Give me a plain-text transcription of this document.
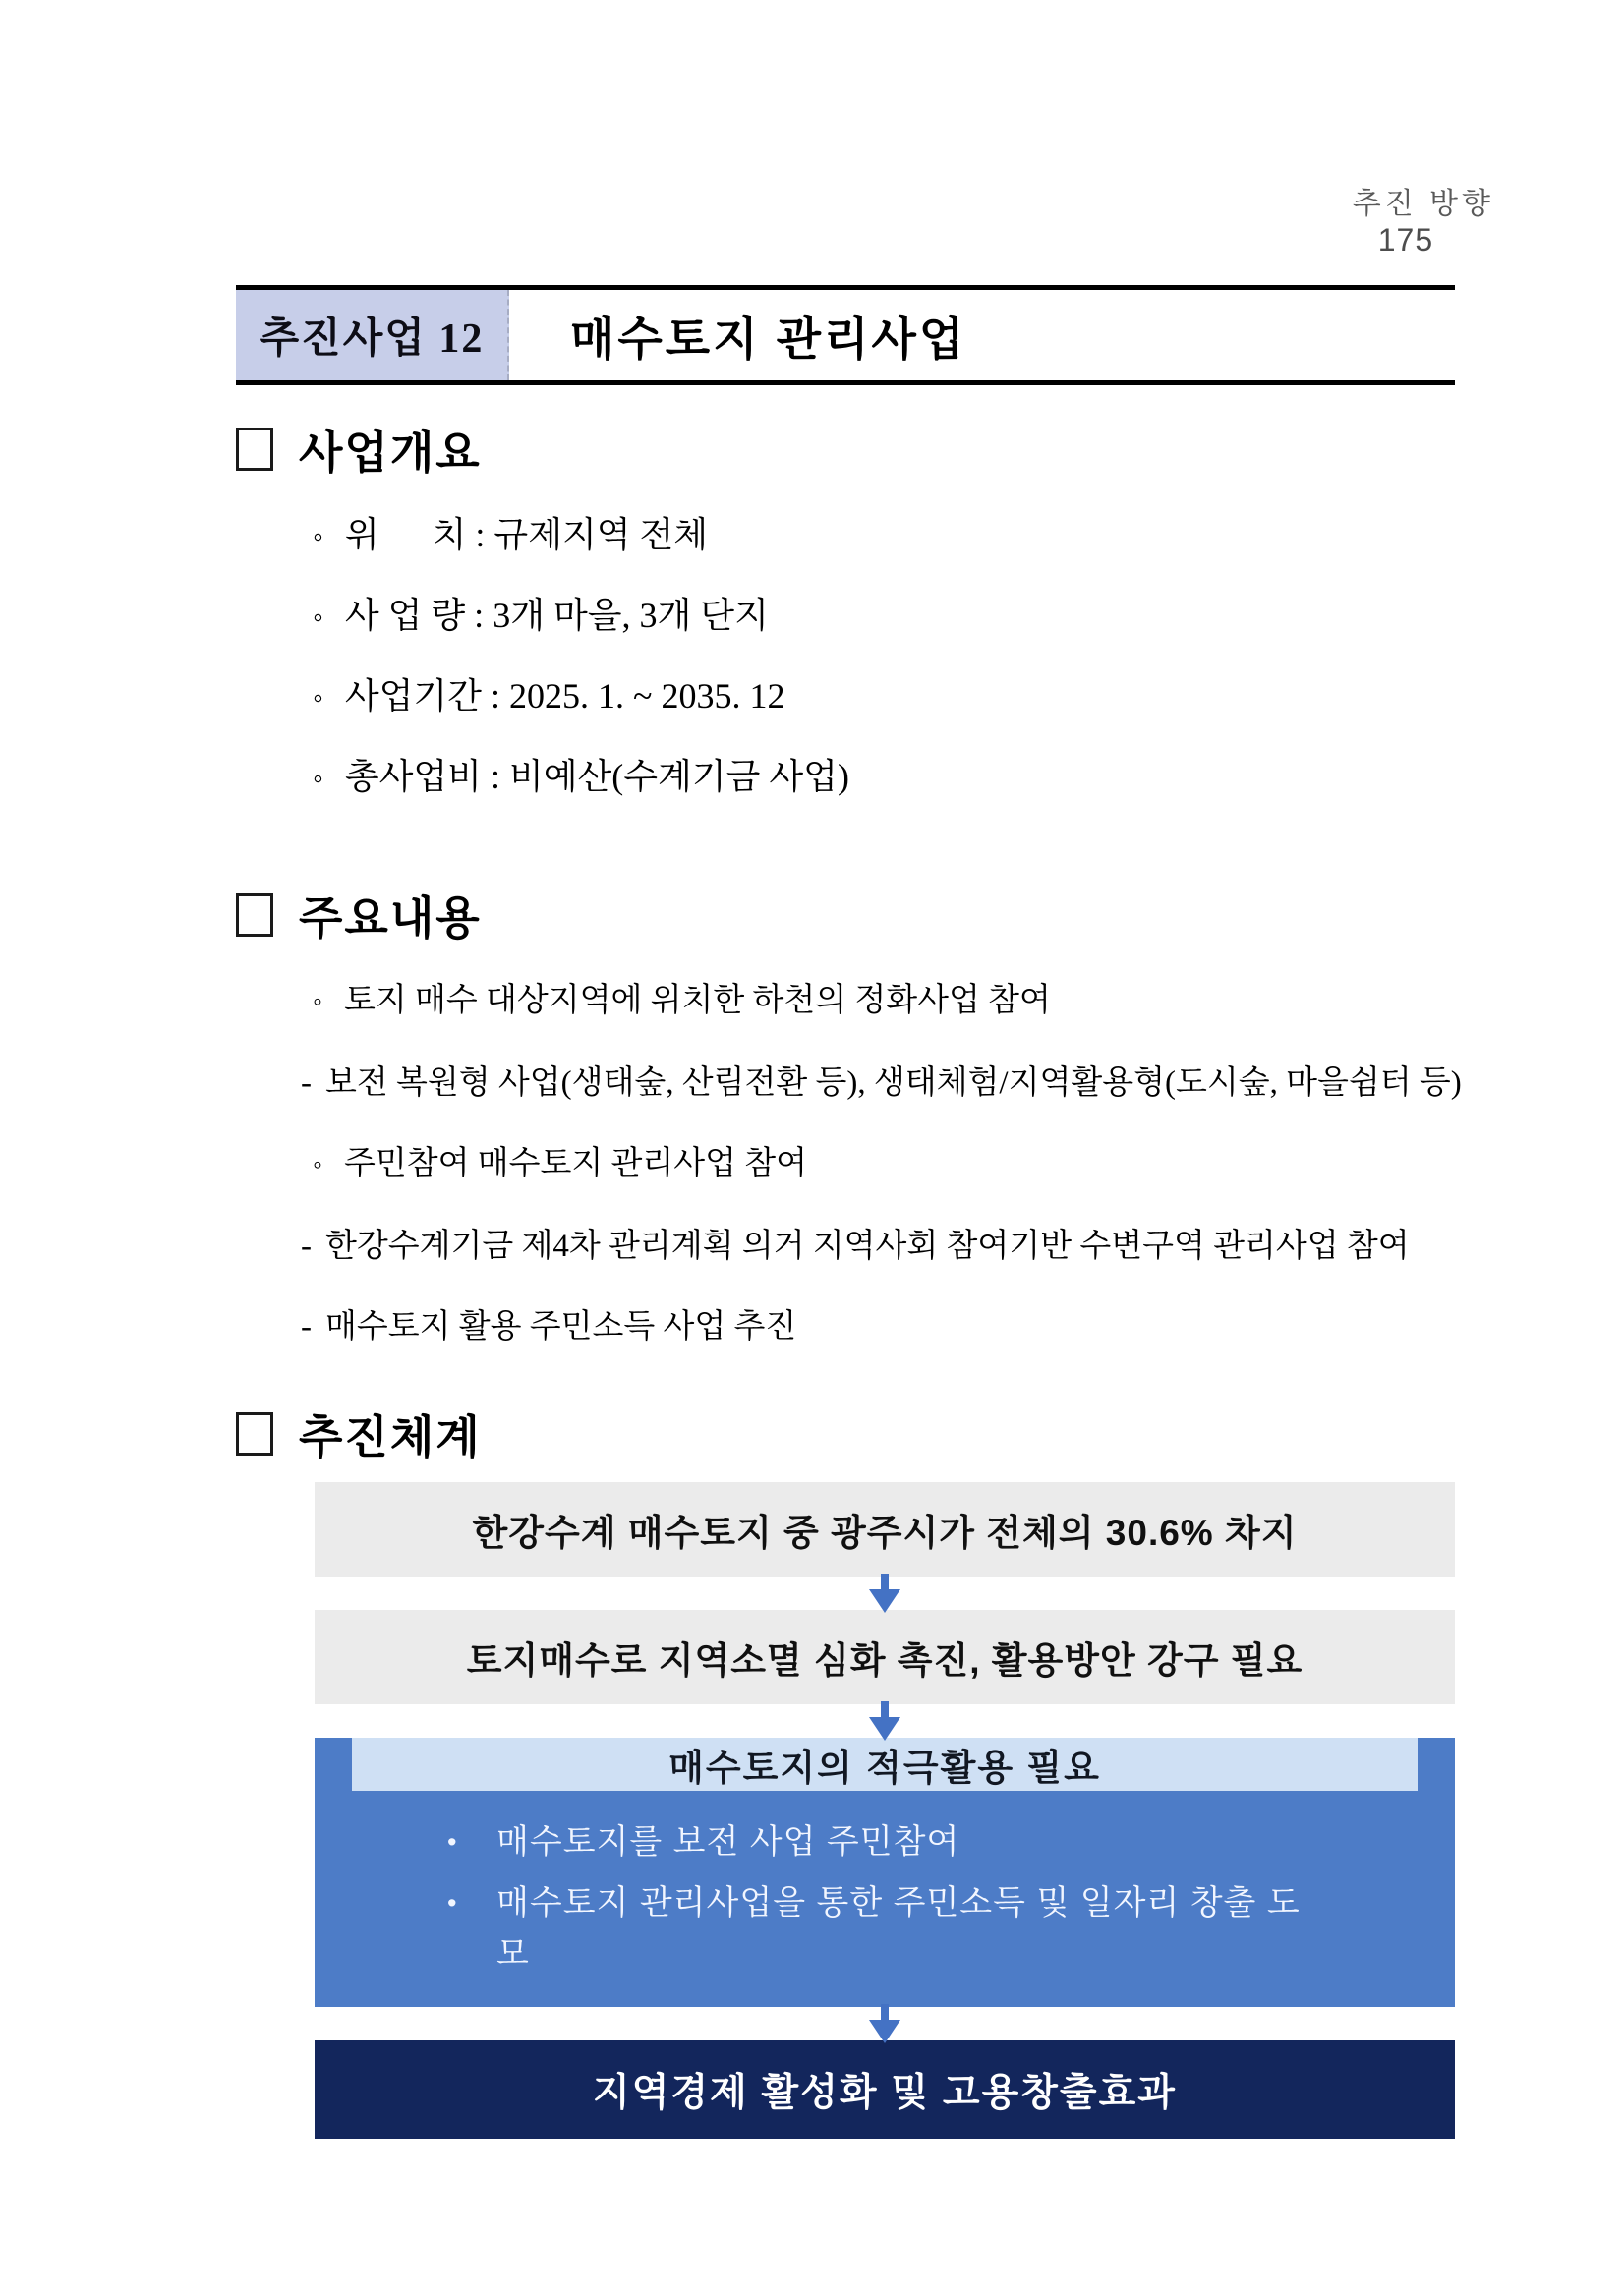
추진 방향
175

추진사업 12	매수토지 관리사업
사업개요
◦ 위      치 : 규제지역 전체
◦ 사 업 량 : 3개 마을, 3개 단지
◦ 사업기간 : 2025. 1. ~ 2035. 12
◦ 총사업비 : 비예산(수계기금 사업)
주요내용
◦ 토지 매수 대상지역에 위치한 하천의 정화사업 참여
- 보전 복원형 사업(생태숲, 산림전환 등), 생태체험/지역활용형(도시숲, 마을쉼터 등)
◦ 주민참여 매수토지 관리사업 참여
- 한강수계기금 제4차 관리계획 의거 지역사회 참여기반 수변구역 관리사업 참여
- 매수토지 활용 주민소득 사업 추진
추진체계
한강수계 매수토지 중 광주시가 전체의 30.6% 차지
토지매수로 지역소멸 심화 촉진, 활용방안 강구 필요
매수토지의 적극활용 필요
•	매수토지를 보전 사업 주민참여
•	매수토지 관리사업을 통한 주민소득 및 일자리 창출 도모
지역경제 활성화 및 고용창출효과
